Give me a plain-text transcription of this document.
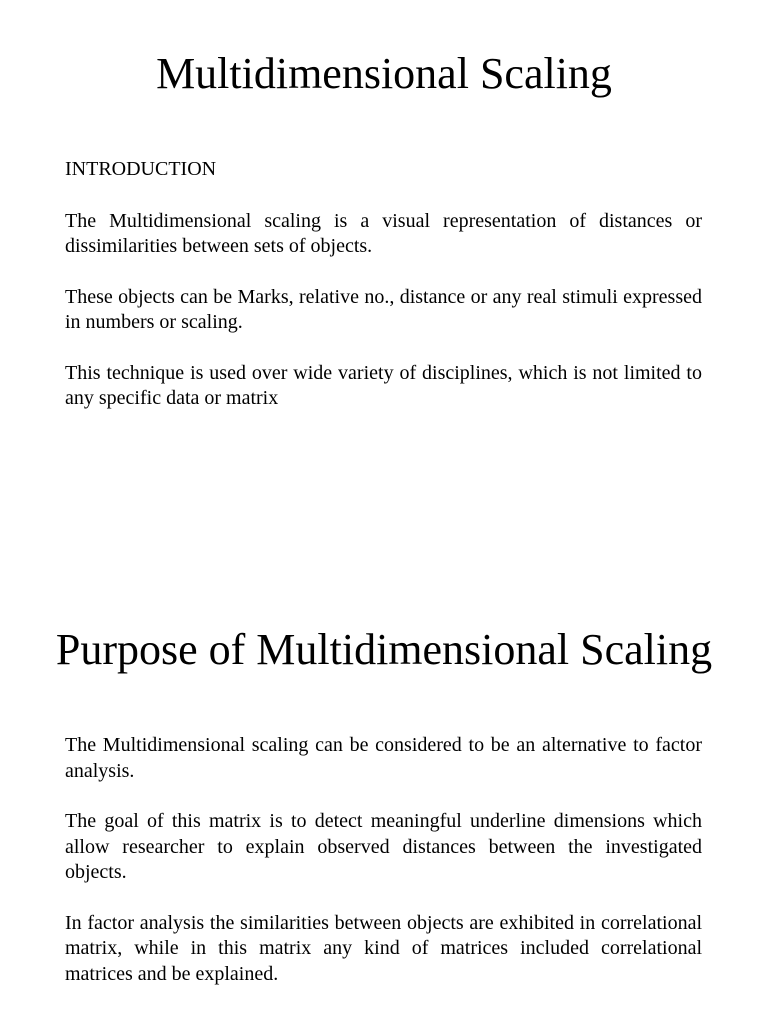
Multidimensional Scaling

INTRODUCTION

The Multidimensional scaling is a visual representation of distances or dissimilarities between sets of objects.

These objects can be Marks, relative no., distance or any real stimuli expressed in numbers or scaling.

This technique is used over wide variety of disciplines, which is not limited to any specific data or matrix

Purpose of Multidimensional Scaling

The Multidimensional scaling can be considered to be an alternative to factor analysis.

The goal of this matrix is to detect meaningful underline dimensions which allow researcher to explain observed distances between the investigated objects.

In factor analysis the similarities between objects are exhibited in correlational matrix, while in this matrix any kind of matrices included correlational matrices and be explained.
